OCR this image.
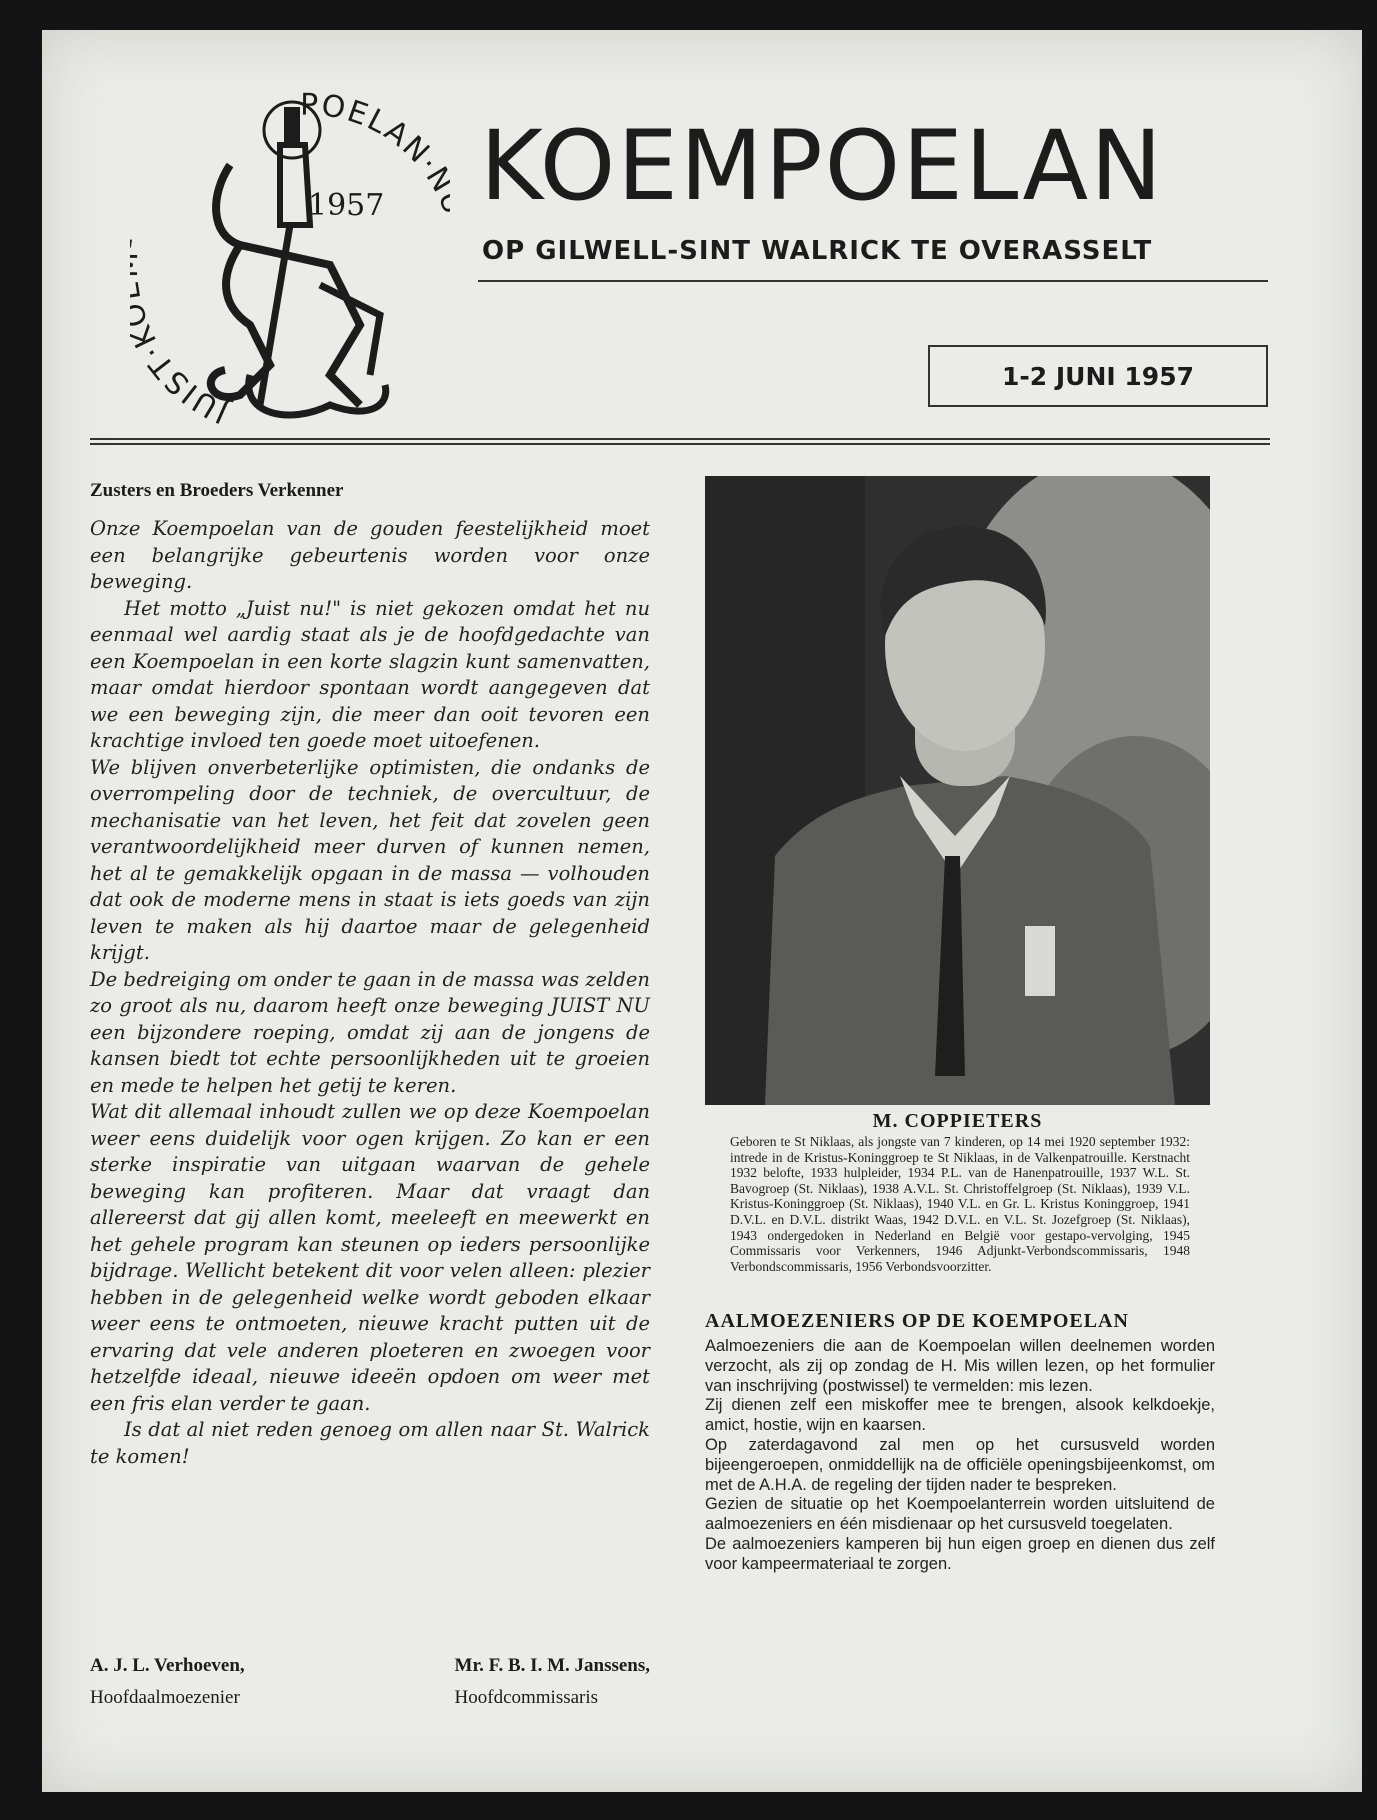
JUIST·
POELAN·
1957 KOEMPOELAN
OP GILWELL-SINT WALRICK TE OVERASSELT
1-2 JUNI 1957
Zusters en Broeders Verkenner

Onze Koempoelan van de gouden feestelijkheid moet een belangrijke gebeurtenis worden voor onze beweging.

Het motto „Juist nu!" is niet gekozen omdat het nu eenmaal wel aardig staat als je de hoofdgedachte van een Koempoelan in een korte slagzin kunt samenvatten, maar omdat hierdoor spontaan wordt aangegeven dat we een beweging zijn, die meer dan ooit tevoren een krachtige invloed ten goede moet uitoefenen.

We blijven onverbeterlijke optimisten, die ondanks de overrompeling door de techniek, de overcultuur, de mechanisatie van het leven, het feit dat zovelen geen verantwoordelijkheid meer durven of kunnen nemen, het al te gemakkelijk opgaan in de massa — volhouden dat ook de moderne mens in staat is iets goeds van zijn leven te maken als hij daartoe maar de gelegenheid krijgt.

De bedreiging om onder te gaan in de massa was zelden zo groot als nu, daarom heeft onze beweging JUIST NU een bijzondere roeping, omdat zij aan de jongens de kansen biedt tot echte persoonlijkheden uit te groeien en mede te helpen het getij te keren.

Wat dit allemaal inhoudt zullen we op deze Koempoelan weer eens duidelijk voor ogen krijgen. Zo kan er een sterke inspiratie van uitgaan waarvan de gehele beweging kan profiteren. Maar dat vraagt dan allereerst dat gij allen komt, meeleeft en meewerkt en het gehele program kan steunen op ieders persoonlijke bijdrage. Wellicht betekent dit voor velen alleen: plezier hebben in de gelegenheid welke wordt geboden elkaar weer eens te ontmoeten, nieuwe kracht putten uit de ervaring dat vele anderen ploeteren en zwoegen voor hetzelfde ideaal, nieuwe ideeën opdoen om weer met een fris elan verder te gaan.

Is dat al niet reden genoeg om allen naar St. Walrick te komen!

A. J. L. Verhoeven,
Hoofdaalmoezenier
Mr. F. B. I. M. Janssens,
Hoofdcommissaris
M. COPPIETERS
Geboren te St Niklaas, als jongste van 7 kinderen, op 14 mei 1920 september 1932: intrede in de Kristus-Koninggroep te St Niklaas, in de Valkenpatrouille. Kerstnacht 1932 belofte, 1933 hulpleider, 1934 P.L. van de Hanenpatrouille, 1937 W.L. St. Bavogroep (St. Niklaas), 1938 A.V.L. St. Christoffelgroep (St. Niklaas), 1939 V.L. Kristus-Koninggroep (St. Niklaas), 1940 V.L. en Gr. L. Kristus Koninggroep, 1941 D.V.L. en D.V.L. distrikt Waas, 1942 D.V.L. en V.L. St. Jozefgroep (St. Niklaas), 1943 ondergedoken in Nederland en België voor gestapo-vervolging, 1945 Commissaris voor Verkenners, 1946 Adjunkt-Verbondscommissaris, 1948 Verbondscommissaris, 1956 Verbondsvoorzitter.
AALMOEZENIERS OP DE KOEMPOELAN

Aalmoezeniers die aan de Koempoelan willen deelnemen worden verzocht, als zij op zondag de H. Mis willen lezen, op het formulier van inschrijving (postwissel) te vermelden: mis lezen.

Zij dienen zelf een miskoffer mee te brengen, alsook kelkdoekje, amict, hostie, wijn en kaarsen.

Op zaterdagavond zal men op het cursusveld worden bijeengeroepen, onmiddellijk na de officiële openingsbijeenkomst, om met de A.H.A. de regeling der tijden nader te bespreken.

Gezien de situatie op het Koempoelanterrein worden uitsluitend de aalmoezeniers en één misdienaar op het cursusveld toegelaten.

De aalmoezeniers kamperen bij hun eigen groep en dienen dus zelf voor kampeermateriaal te zorgen.
